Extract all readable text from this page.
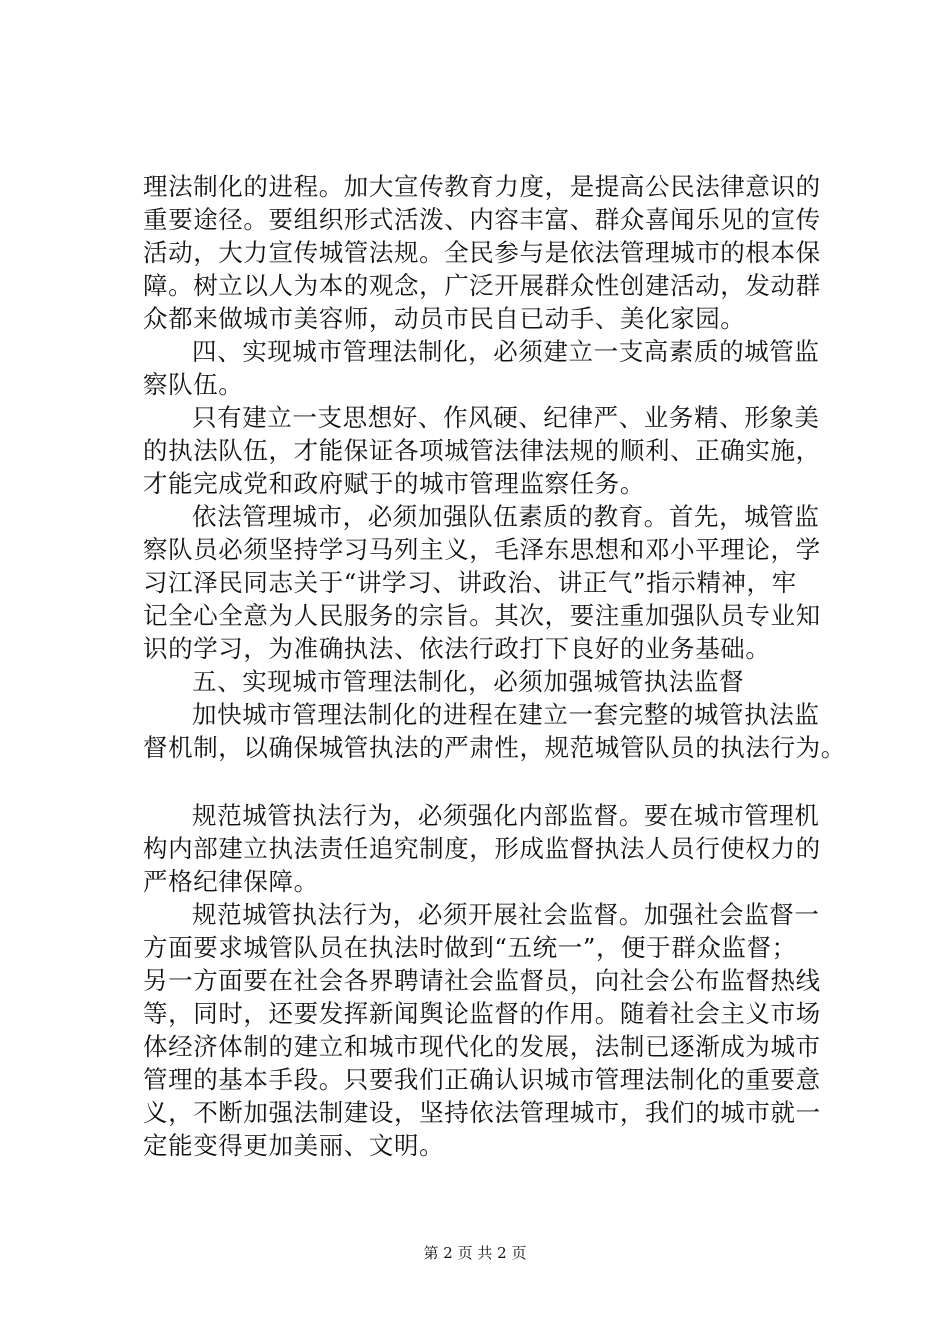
理法制化的进程。加大宣传教育力度，是提高公民法律意识的
重要途径。要组织形式活泼、内容丰富、群众喜闻乐见的宣传
活动，大力宣传城管法规。全民参与是依法管理城市的根本保
障。树立以人为本的观念，广泛开展群众性创建活动，发动群
众都来做城市美容师，动员市民自已动手、美化家园。
四、实现城市管理法制化，必须建立一支高素质的城管监
察队伍。
只有建立一支思想好、作风硬、纪律严、业务精、形象美
的执法队伍，才能保证各项城管法律法规的顺利、正确实施，
才能完成党和政府赋于的城市管理监察任务。
依法管理城市，必须加强队伍素质的教育。首先，城管监
察队员必须坚持学习马列主义，毛泽东思想和邓小平理论，学
习江泽民同志关于“讲学习、讲政治、讲正气”指示精神，牢
记全心全意为人民服务的宗旨。其次，要注重加强队员专业知
识的学习，为准确执法、依法行政打下良好的业务基础。
五、实现城市管理法制化，必须加强城管执法监督
加快城市管理法制化的进程在建立一套完整的城管执法监
督机制，以确保城管执法的严肃性，规范城管队员的执法行为。
规范城管执法行为，必须强化内部监督。要在城市管理机
构内部建立执法责任追究制度，形成监督执法人员行使权力的
严格纪律保障。
规范城管执法行为，必须开展社会监督。加强社会监督一
方面要求城管队员在执法时做到“五统一”，便于群众监督；
另一方面要在社会各界聘请社会监督员，向社会公布监督热线
等，同时，还要发挥新闻舆论监督的作用。随着社会主义市场
体经济体制的建立和城市现代化的发展，法制已逐渐成为城市
管理的基本手段。只要我们正确认识城市管理法制化的重要意
义，不断加强法制建设，坚持依法管理城市，我们的城市就一
定能变得更加美丽、文明。
第 2 页 共 2 页
